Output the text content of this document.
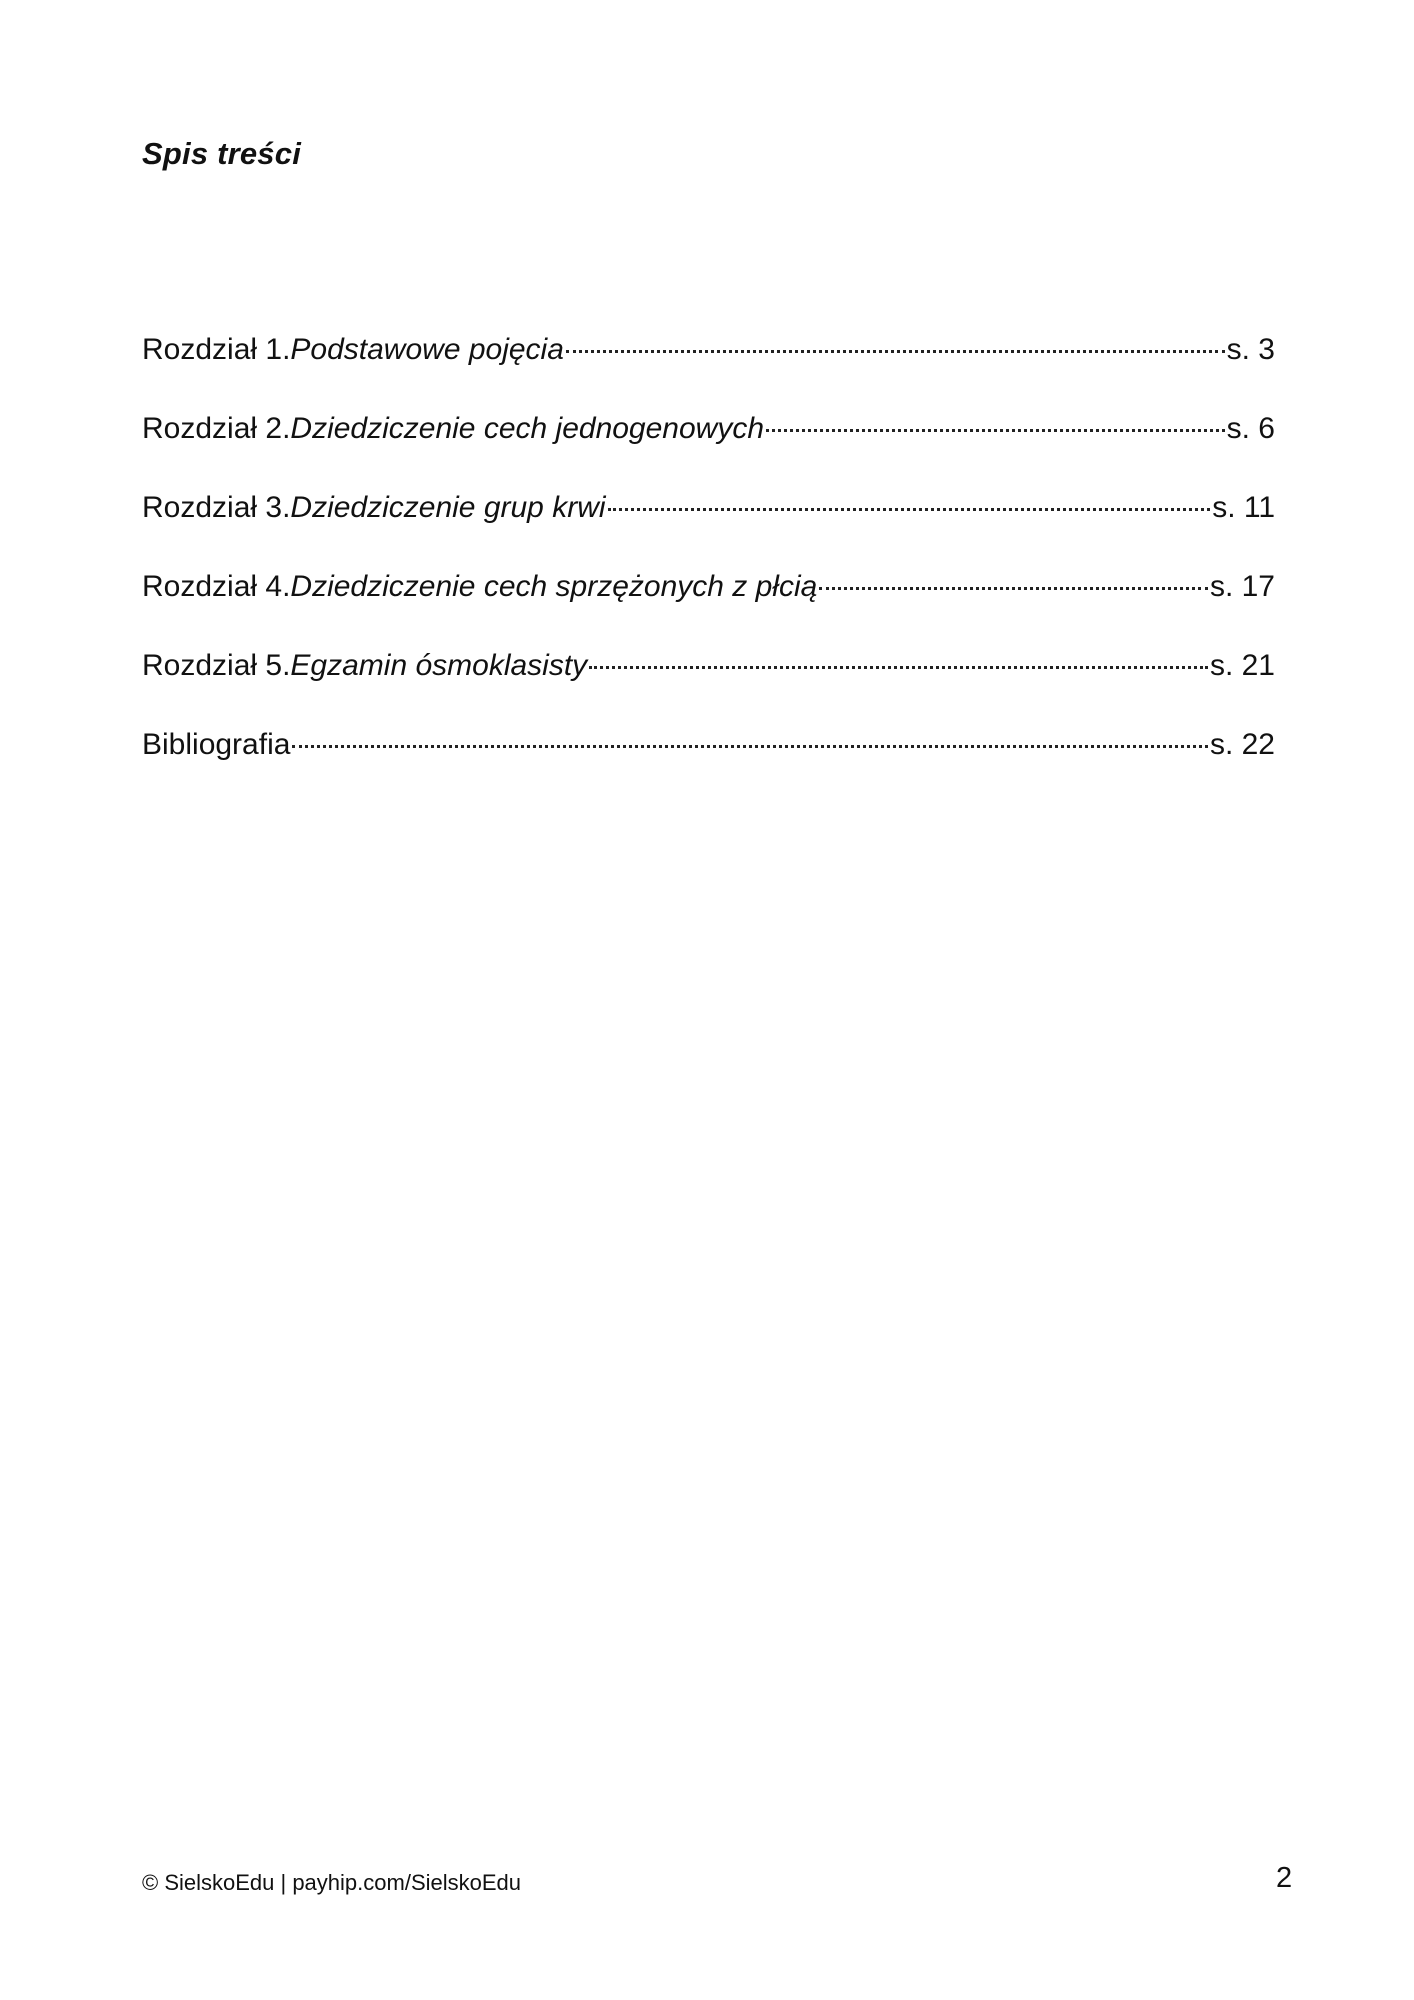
Spis treści
Rozdział 1. Podstawowe pojęcia	s. 3
Rozdział 2. Dziedziczenie cech jednogenowych	s. 6
Rozdział 3. Dziedziczenie grup krwi	s. 11
Rozdział 4. Dziedziczenie cech sprzężonych z płcią	s. 17
Rozdział 5. Egzamin ósmoklasisty	s. 21
Bibliografia	s. 22

© SielskoEdu | payhip.com/SielskoEdu	2
